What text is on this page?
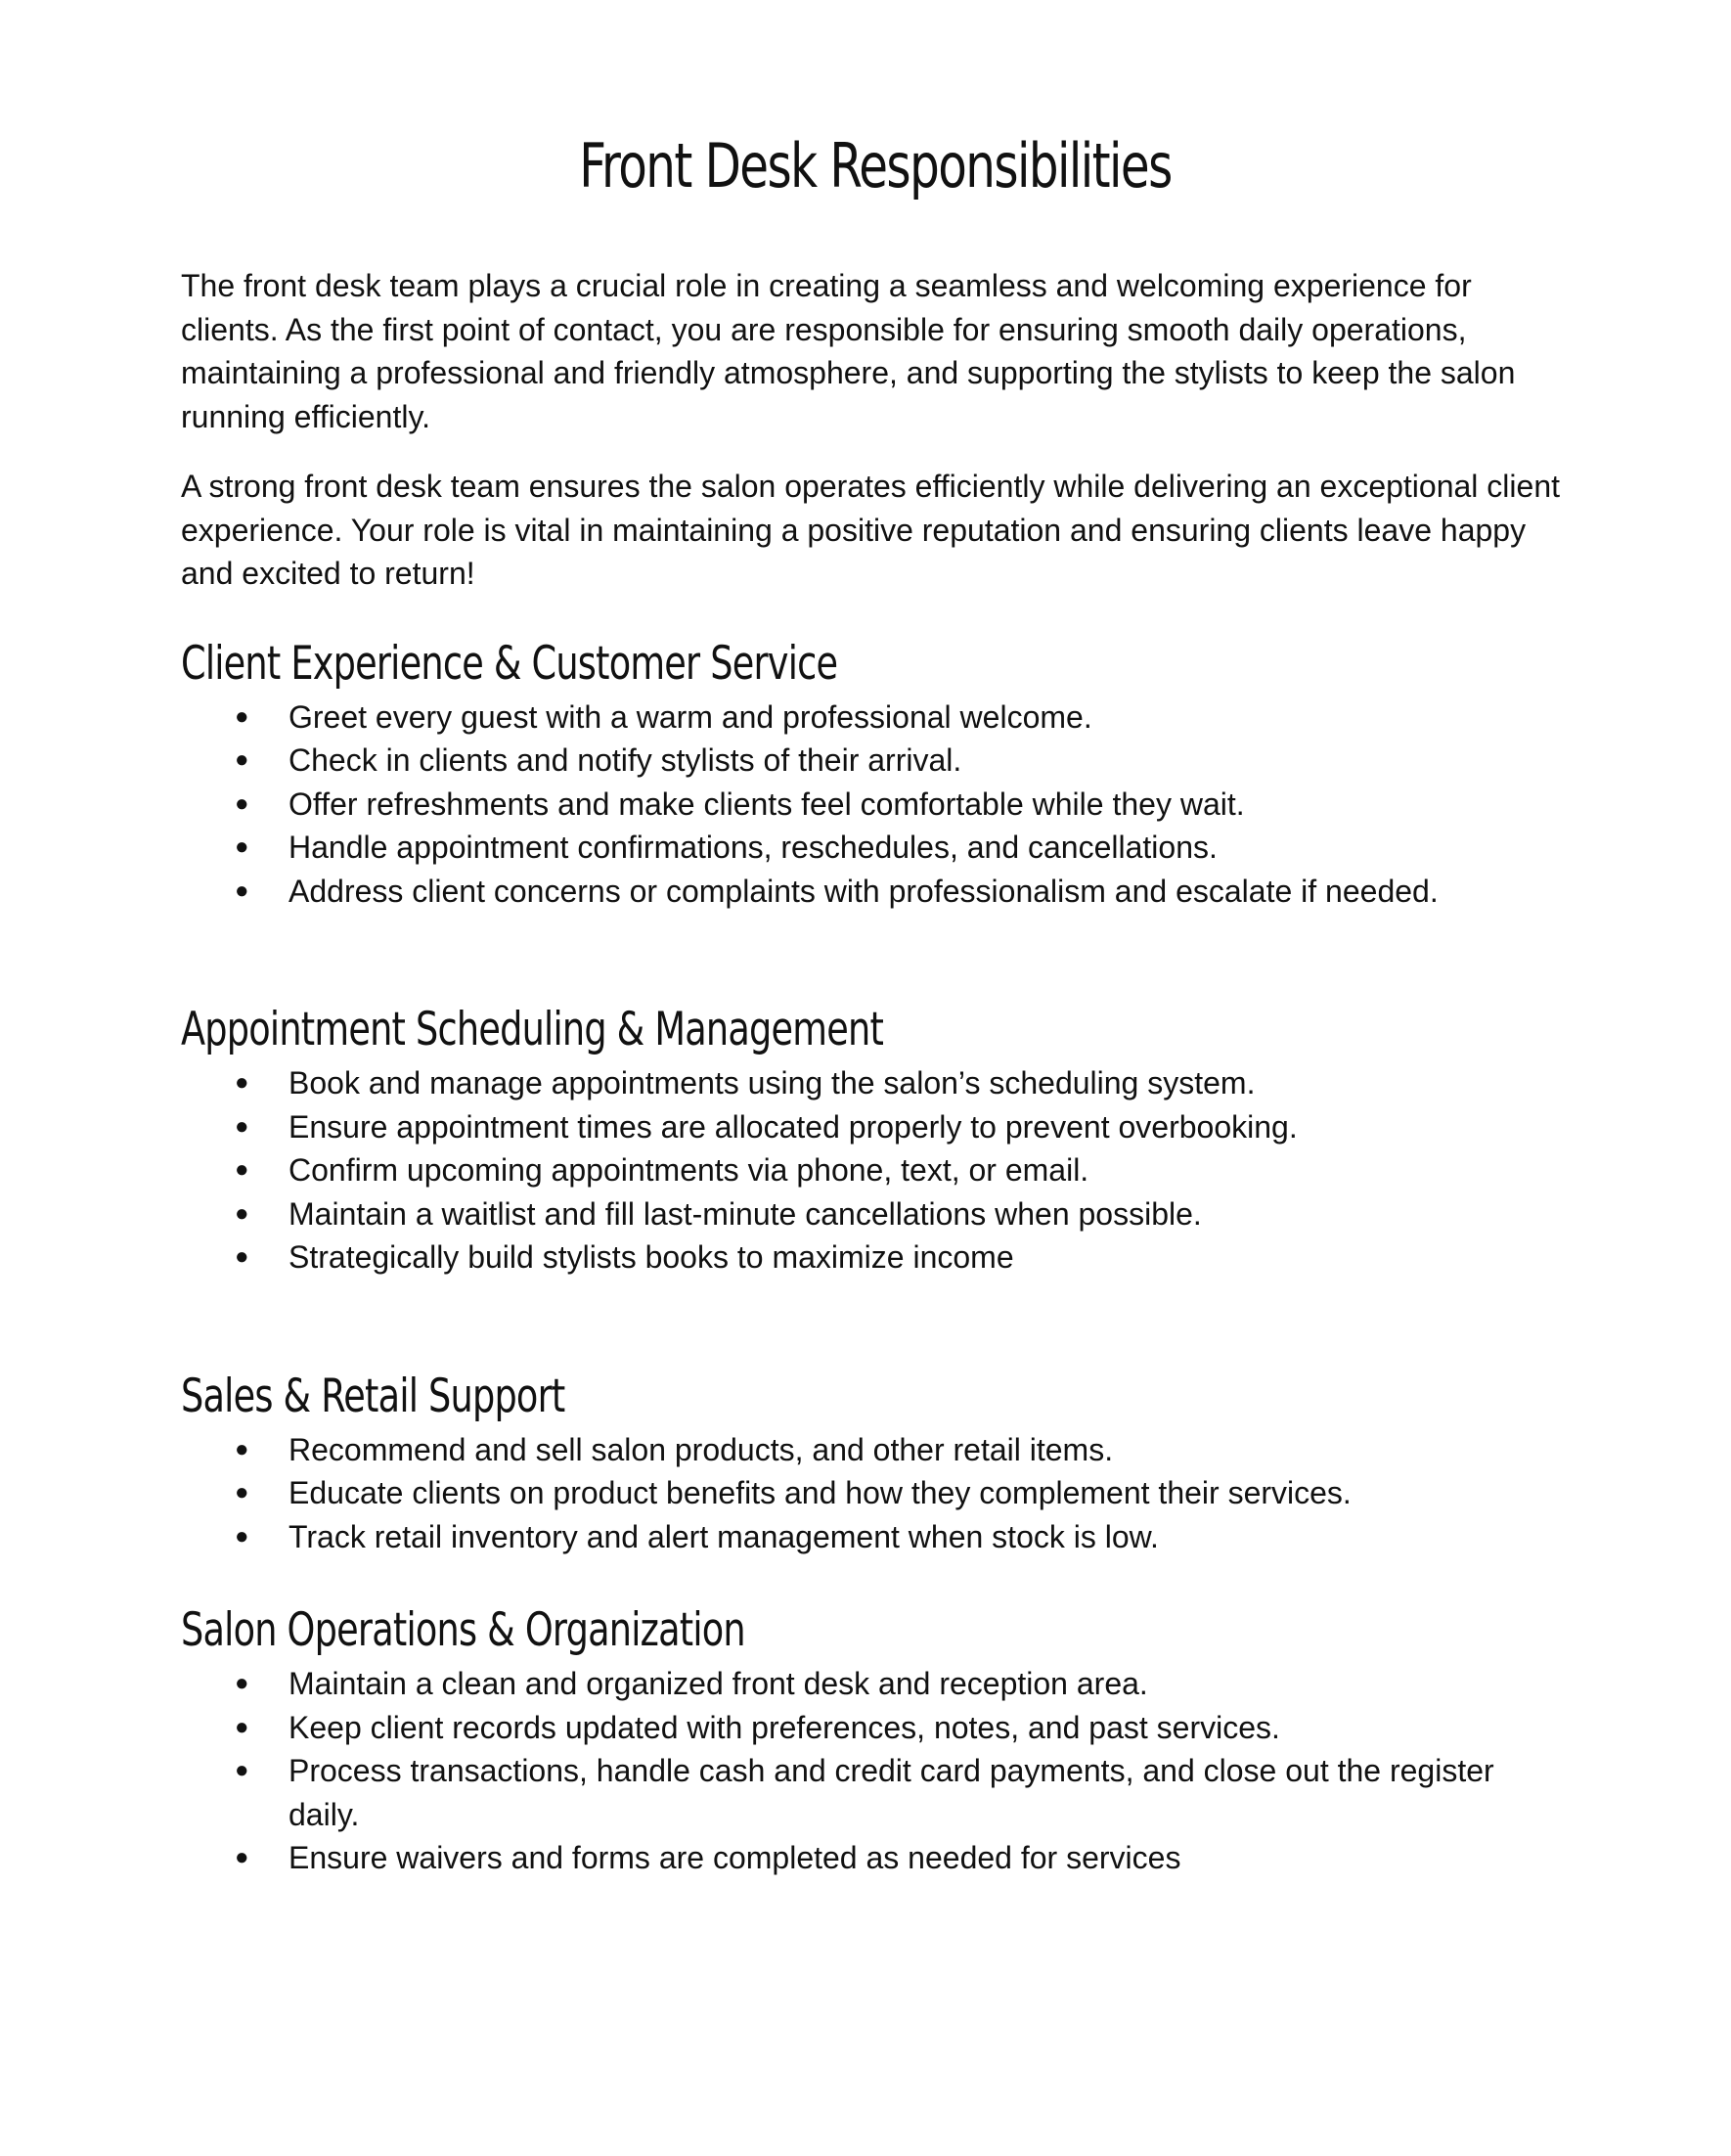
Front Desk Responsibilities

The front desk team plays a crucial role in creating a seamless and welcoming experience for clients. As the first point of contact, you are responsible for ensuring smooth daily operations, maintaining a professional and friendly atmosphere, and supporting the stylists to keep the salon running efficiently.

A strong front desk team ensures the salon operates efficiently while delivering an exceptional client experience. Your role is vital in maintaining a positive reputation and ensuring clients leave happy and excited to return!

Client Experience & Customer Service
● Greet every guest with a warm and professional welcome.
● Check in clients and notify stylists of their arrival.
● Offer refreshments and make clients feel comfortable while they wait.
● Handle appointment confirmations, reschedules, and cancellations.
● Address client concerns or complaints with professionalism and escalate if needed.
Appointment Scheduling & Management
● Book and manage appointments using the salon’s scheduling system.
● Ensure appointment times are allocated properly to prevent overbooking.
● Confirm upcoming appointments via phone, text, or email.
● Maintain a waitlist and fill last-minute cancellations when possible.
● Strategically build stylists books to maximize income
Sales & Retail Support
● Recommend and sell salon products, and other retail items.
● Educate clients on product benefits and how they complement their services.
● Track retail inventory and alert management when stock is low.
Salon Operations & Organization
● Maintain a clean and organized front desk and reception area.
● Keep client records updated with preferences, notes, and past services.
● Process transactions, handle cash and credit card payments, and close out the register daily.
● Ensure waivers and forms are completed as needed for services
